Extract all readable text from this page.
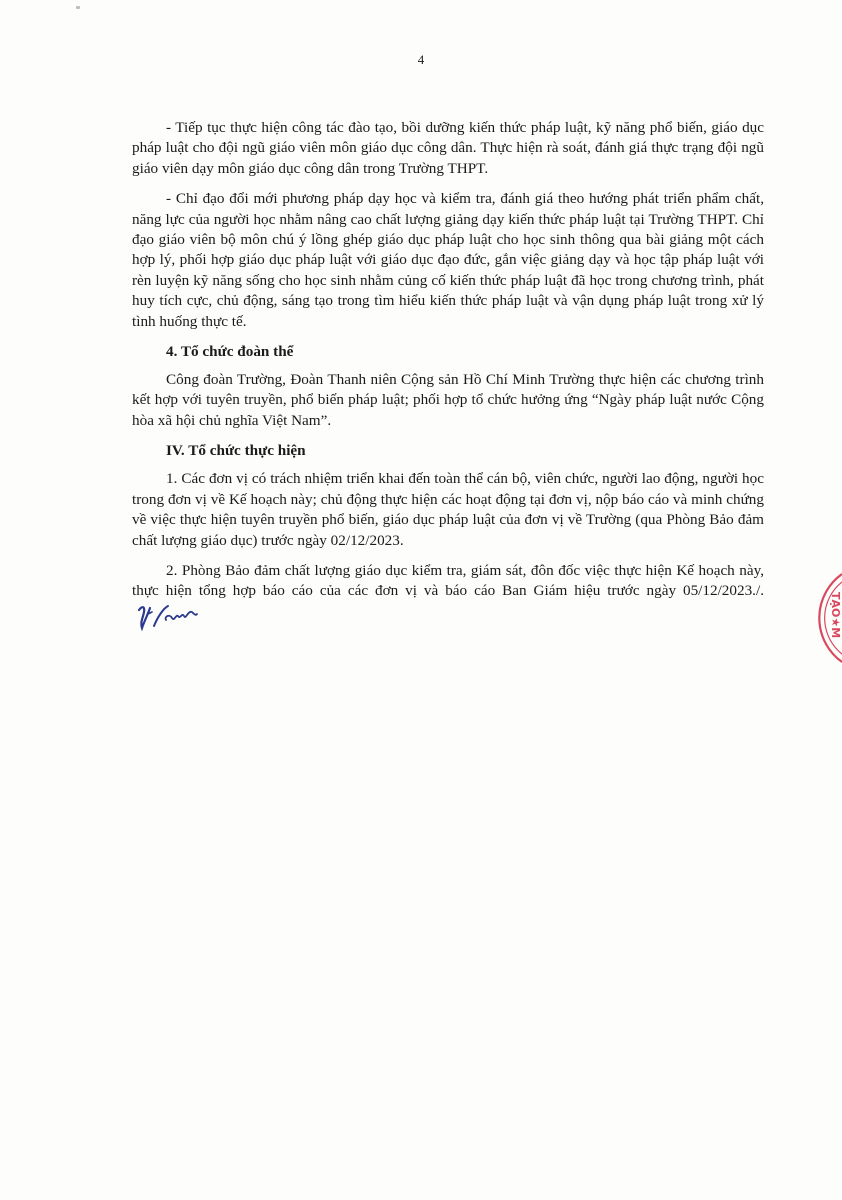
4

- Tiếp tục thực hiện công tác đào tạo, bồi dưỡng kiến thức pháp luật, kỹ năng phổ biến, giáo dục pháp luật cho đội ngũ giáo viên môn giáo dục công dân. Thực hiện rà soát, đánh giá thực trạng đội ngũ giáo viên dạy môn giáo dục công dân trong Trường THPT.

- Chỉ đạo đổi mới phương pháp dạy học và kiểm tra, đánh giá theo hướng phát triển phẩm chất, năng lực của người học nhằm nâng cao chất lượng giảng dạy kiến thức pháp luật tại Trường THPT. Chỉ đạo giáo viên bộ môn chú ý lồng ghép giáo dục pháp luật cho học sinh thông qua bài giảng một cách hợp lý, phối hợp giáo dục pháp luật với giáo dục đạo đức, gắn việc giảng dạy và học tập pháp luật với rèn luyện kỹ năng sống cho học sinh nhằm củng cố kiến thức pháp luật đã học trong chương trình, phát huy tích cực, chủ động, sáng tạo trong tìm hiểu kiến thức pháp luật và vận dụng pháp luật trong xử lý tình huống thực tế.

4. Tổ chức đoàn thể

Công đoàn Trường, Đoàn Thanh niên Cộng sản Hồ Chí Minh Trường thực hiện các chương trình kết hợp với tuyên truyền, phổ biến pháp luật; phối hợp tổ chức hưởng ứng “Ngày pháp luật nước Cộng hòa xã hội chủ nghĩa Việt Nam”.

IV. Tổ chức thực hiện

1. Các đơn vị có trách nhiệm triển khai đến toàn thể cán bộ, viên chức, người lao động, người học trong đơn vị về Kế hoạch này; chủ động thực hiện các hoạt động tại đơn vị, nộp báo cáo và minh chứng về việc thực hiện tuyên truyền phổ biến, giáo dục pháp luật của đơn vị về Trường (qua Phòng Bảo đảm chất lượng giáo dục) trước ngày 02/12/2023.

2. Phòng Bảo đảm chất lượng giáo dục kiểm tra, giám sát, đôn đốc việc thực hiện Kế hoạch này, thực hiện tổng hợp báo cáo của các đơn vị và báo cáo Ban Giám hiệu trước ngày 05/12/2023./.

TẠO★M
